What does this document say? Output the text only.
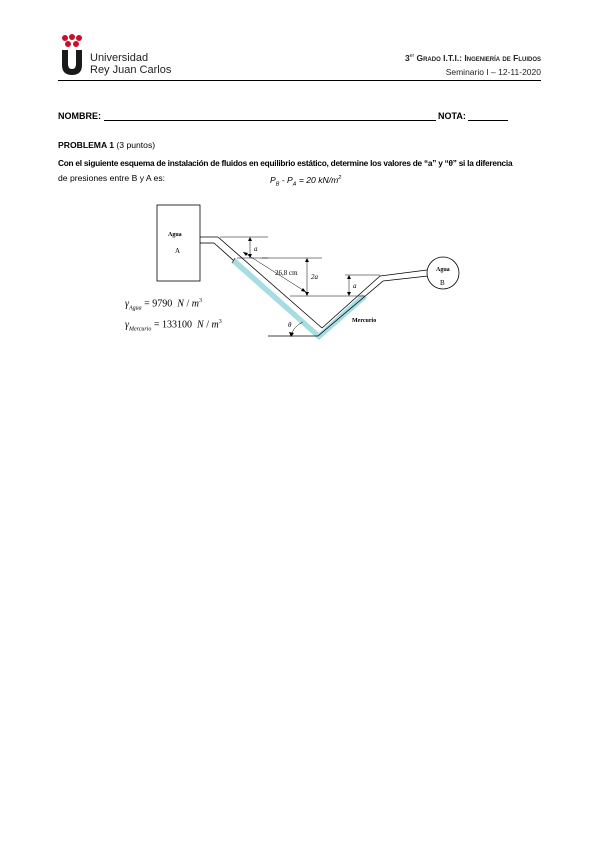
Universidad
Rey Juan Carlos
3er Grado I.T.I.: Ingeniería de Fluidos
Seminario I – 12-11-2020
NOMBRE:	NOTA:
PROBLEMA 1 (3 puntos)
Con el siguiente esquema de instalación de fluidos en equilibrio estático, determine los valores de “a” y “θ” si la diferencia
de presiones entre B y A es:	$P_B - P_A = 20$ $kN/m^2$
Agua
A
Agua
B
a
26,8 cm 2a
a
θ	Mercurio
$\gamma_{Agua} = 9790$  N / $m^3$
$\gamma_{Mercurio} = 133100$  N / $m^3$
